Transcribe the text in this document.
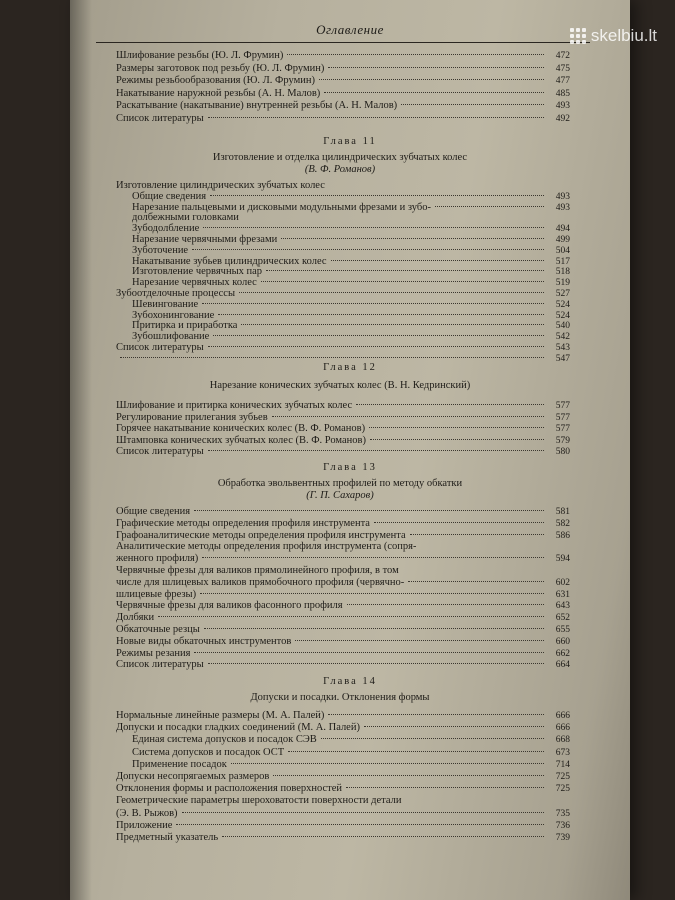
Оглавление
Шлифование резьбы (Ю. Л. Фрумин)	472
Размеры заготовок под резьбу (Ю. Л. Фрумин)	475
Режимы резьбообразования (Ю. Л. Фрумин)	477
Накатывание наружной резьбы (А. Н. Малов)	485
Раскатывание (накатывание) внутренней резьбы (А. Н. Малов)	493
Список литературы	492
Глава 11
Изготовление и отделка цилиндрических зубчатых колес
(В. Ф. Романов)
Изготовление цилиндрических зубчатых колес
Общие сведения	493
Нарезание пальцевыми и дисковыми модульными фрезами и зубо-	493
долбежными головками
Зубодолбление	494
Нарезание червячными фрезами	499
Зуботочение	504
Накатывание зубьев цилиндрических колес	517
Изготовление червячных пар	518
Нарезание червячных колес	519
Зубоотделочные процессы	527
Шевингование	524
Зубохонингование	524
Притирка и приработка	540
Зубошлифование	542
Список литературы	543
547
Глава 12
Нарезание конических зубчатых колес (В. Н. Кедринский)
Шлифование и притирка конических зубчатых колес	577
Регулирование прилегания зубьев	577
Горячее накатывание конических колес (В. Ф. Романов)	577
Штамповка конических зубчатых колес (В. Ф. Романов)	579
Список литературы	580
Глава 13
Обработка эвольвентных профилей по методу обкатки
(Г. П. Сахаров)
Общие сведения	581
Графические методы определения профиля инструмента	582
Графоаналитические методы определения профиля инструмента	586
Аналитические методы определения профиля инструмента (сопря-
женного профиля)	594
Червячные фрезы для валиков прямолинейного профиля, в том
числе для шлицевых валиков прямобочного профиля (червячно-	602
шлицевые фрезы)	631
Червячные фрезы для валиков фасонного профиля	643
Долбяки	652
Обкаточные резцы	655
Новые виды обкаточных инструментов	660
Режимы резания	662
Список литературы	664
Глава 14
Допуски и посадки. Отклонения формы
Нормальные линейные размеры (М. А. Палей)	666
Допуски и посадки гладких соединений (М. А. Палей)	666
Единая система допусков и посадок СЭВ	668
Система допусков и посадок ОСТ	673
Применение посадок	714
Допуски несопрягаемых размеров	725
Отклонения формы и расположения поверхностей	725
Геометрические параметры шероховатости поверхности детали
(Э. В. Рыжов)	735
Приложение	736
Предметный указатель	739
skelbiu.lt
